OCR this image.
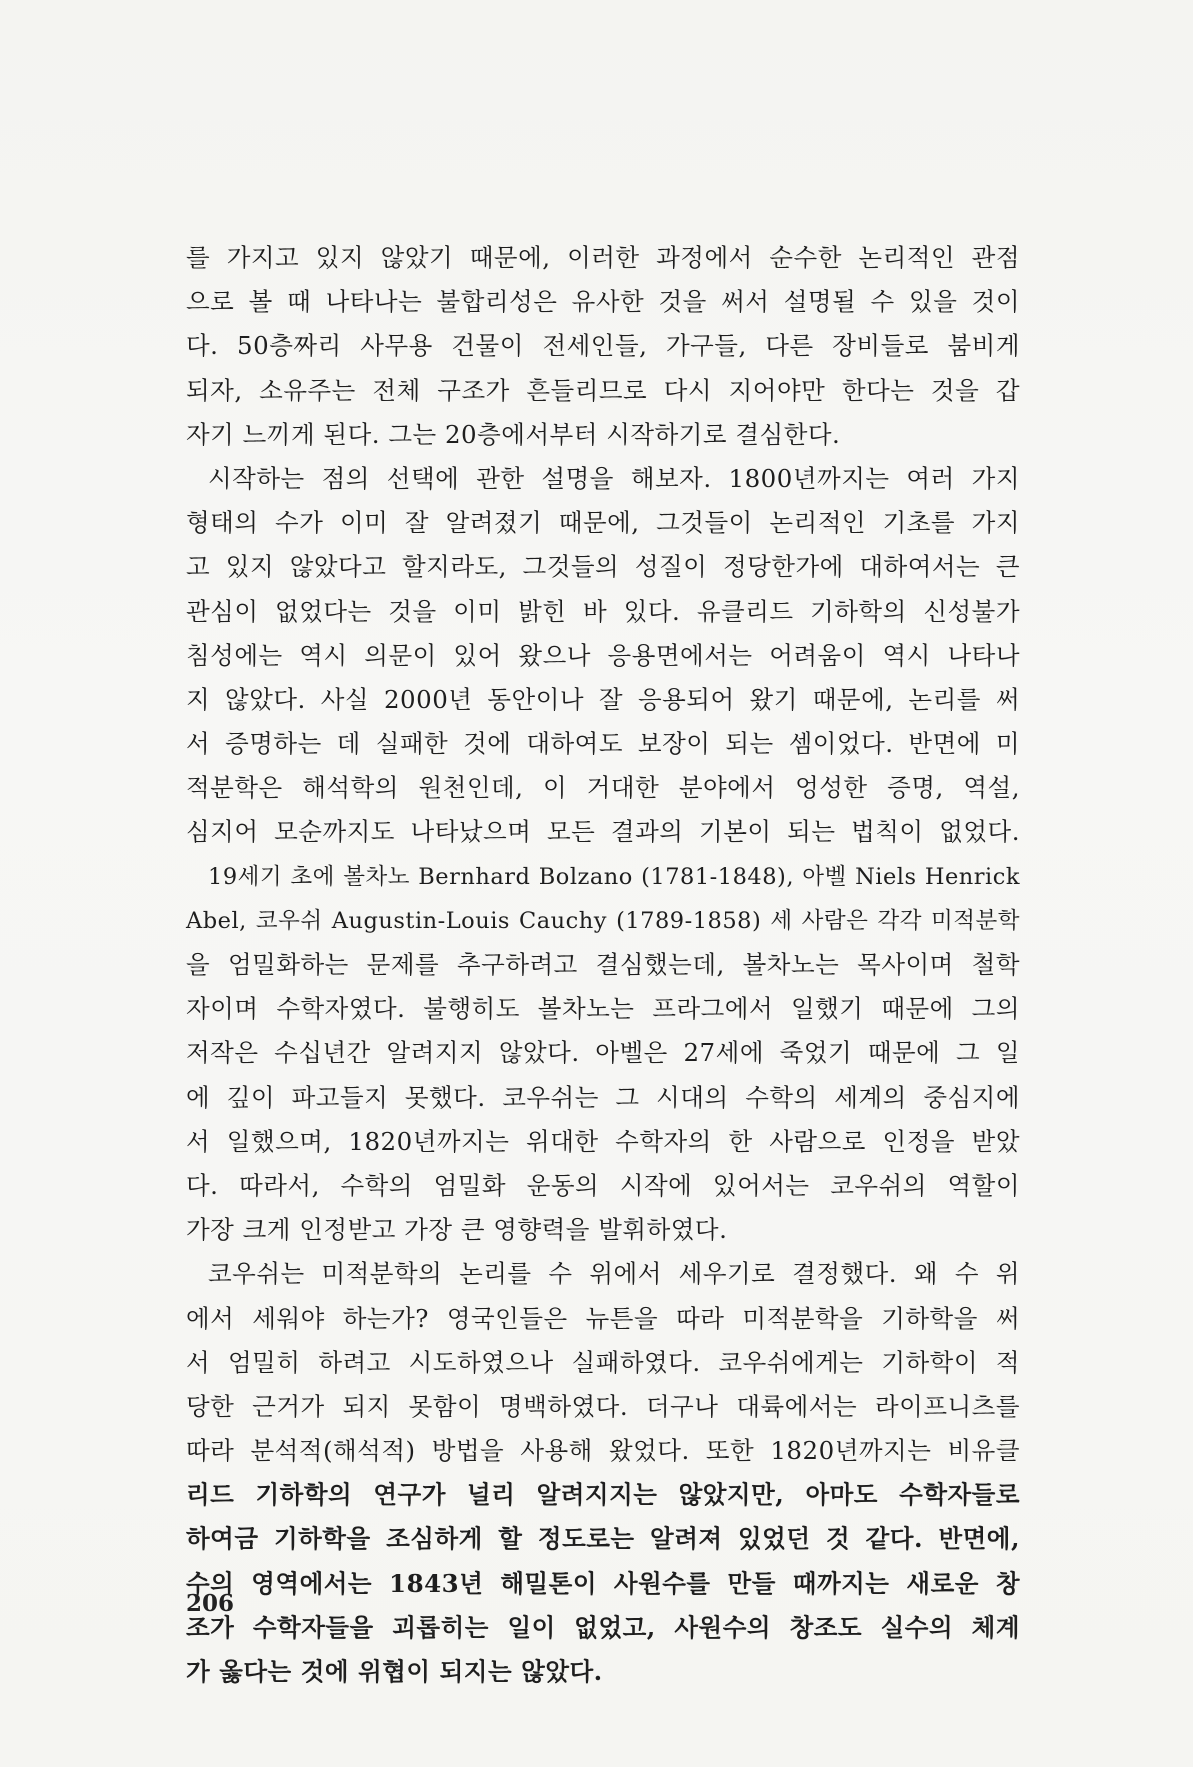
를 가지고 있지 않았기 때문에, 이러한 과정에서 순수한 논리적인 관점
으로 볼 때 나타나는 불합리성은 유사한 것을 써서 설명될 수 있을 것이
다. 50층짜리 사무용 건물이 전세인들, 가구들, 다른 장비들로 붐비게
되자, 소유주는 전체 구조가 흔들리므로 다시 지어야만 한다는 것을 갑
자기 느끼게 된다. 그는 20층에서부터 시작하기로 결심한다.
시작하는 점의 선택에 관한 설명을 해보자. 1800년까지는 여러 가지
형태의 수가 이미 잘 알려졌기 때문에, 그것들이 논리적인 기초를 가지
고 있지 않았다고 할지라도, 그것들의 성질이 정당한가에 대하여서는 큰
관심이 없었다는 것을 이미 밝힌 바 있다. 유클리드 기하학의 신성불가
침성에는 역시 의문이 있어 왔으나 응용면에서는 어려움이 역시 나타나
지 않았다. 사실 2000년 동안이나 잘 응용되어 왔기 때문에, 논리를 써
서 증명하는 데 실패한 것에 대하여도 보장이 되는 셈이었다. 반면에 미
적분학은 해석학의 원천인데, 이 거대한 분야에서 엉성한 증명, 역설,
심지어 모순까지도 나타났으며 모든 결과의 기본이 되는 법칙이 없었다.
19세기 초에 볼차노 Bernhard Bolzano (1781-1848), 아벨 Niels Henrick
Abel, 코우쉬 Augustin-Louis Cauchy (1789-1858) 세 사람은 각각 미적분학
을 엄밀화하는 문제를 추구하려고 결심했는데, 볼차노는 목사이며 철학
자이며 수학자였다. 불행히도 볼차노는 프라그에서 일했기 때문에 그의
저작은 수십년간 알려지지 않았다. 아벨은 27세에 죽었기 때문에 그 일
에 깊이 파고들지 못했다. 코우쉬는 그 시대의 수학의 세계의 중심지에
서 일했으며, 1820년까지는 위대한 수학자의 한 사람으로 인정을 받았
다. 따라서, 수학의 엄밀화 운동의 시작에 있어서는 코우쉬의 역할이
가장 크게 인정받고 가장 큰 영향력을 발휘하였다.
코우쉬는 미적분학의 논리를 수 위에서 세우기로 결정했다. 왜 수 위
에서 세워야 하는가? 영국인들은 뉴튼을 따라 미적분학을 기하학을 써
서 엄밀히 하려고 시도하였으나 실패하였다. 코우쉬에게는 기하학이 적
당한 근거가 되지 못함이 명백하였다. 더구나 대륙에서는 라이프니츠를
따라 분석적(해석적) 방법을 사용해 왔었다. 또한 1820년까지는 비유클
리드 기하학의 연구가 널리 알려지지는 않았지만, 아마도 수학자들로
하여금 기하학을 조심하게 할 정도로는 알려져 있었던 것 같다. 반면에,
수의 영역에서는 1843년 해밀톤이 사원수를 만들 때까지는 새로운 창
조가 수학자들을 괴롭히는 일이 없었고, 사원수의 창조도 실수의 체계
가 옳다는 것에 위협이 되지는 않았다.
206
